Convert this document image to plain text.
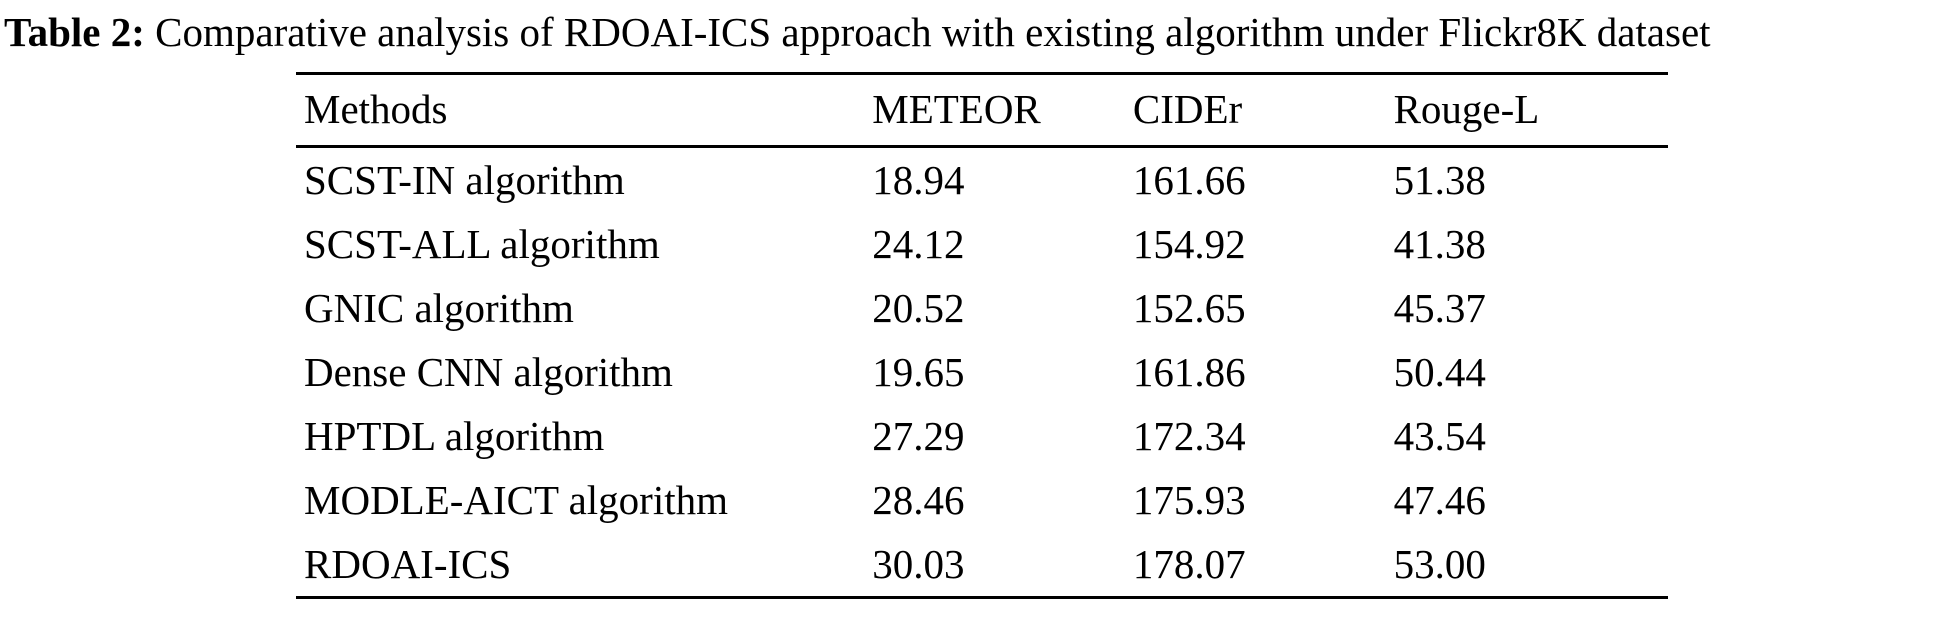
Table 2: Comparative analysis of RDOAI-ICS approach with existing algorithm under Flickr8K dataset

Methods	METEOR	CIDEr	Rouge-L
SCST-IN algorithm	18.94	161.66	51.38
SCST-ALL algorithm	24.12	154.92	41.38
GNIC algorithm	20.52	152.65	45.37
Dense CNN algorithm	19.65	161.86	50.44
HPTDL algorithm	27.29	172.34	43.54
MODLE-AICT algorithm	28.46	175.93	47.46
RDOAI-ICS	30.03	178.07	53.00
